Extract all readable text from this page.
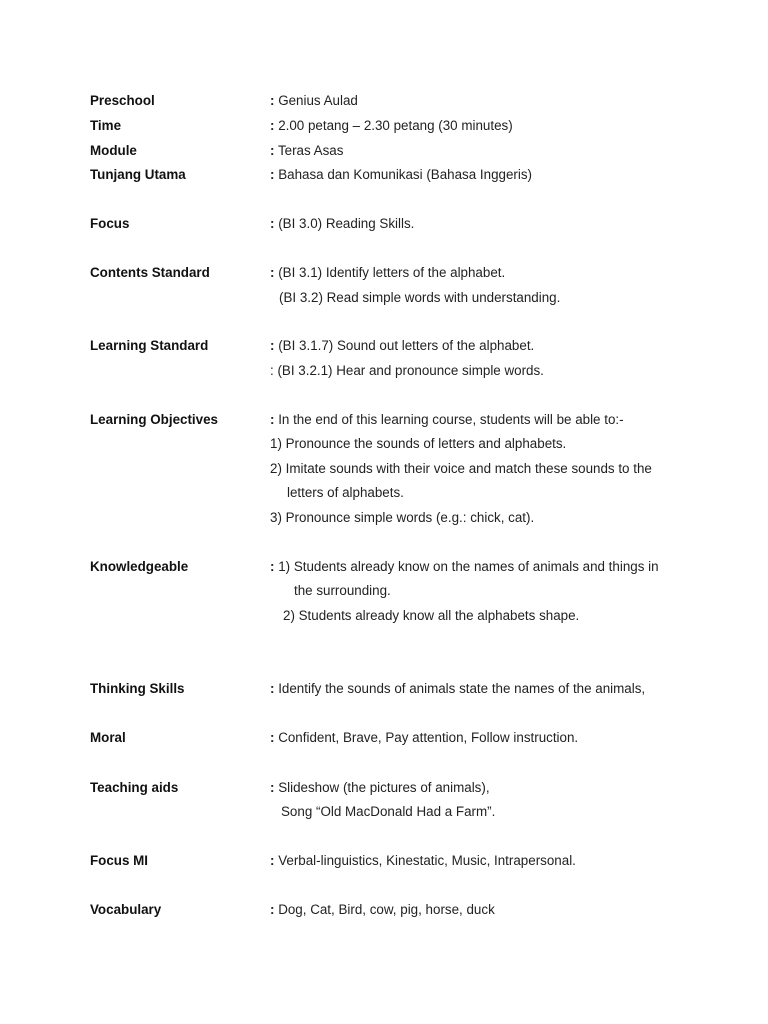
Preschool	: Genius Aulad
Time	: 2.00 petang – 2.30 petang (30 minutes)
Module	: Teras Asas
Tunjang Utama	: Bahasa dan Komunikasi (Bahasa Inggeris)
Focus	: (BI 3.0) Reading Skills.
Contents Standard	: (BI 3.1) Identify letters of the alphabet.
(BI 3.2) Read simple words with understanding.
Learning Standard	: (BI 3.1.7) Sound out letters of the alphabet.
: (BI 3.2.1) Hear and pronounce simple words.
Learning Objectives	: In the end of this learning course, students will be able to:-
1) Pronounce the sounds of letters and alphabets.
2) Imitate sounds with their voice and match these sounds to the
letters of alphabets.
3) Pronounce simple words (e.g.: chick, cat).
Knowledgeable	: 1) Students already know on the names of animals and things in
the surrounding.
2) Students already know all the alphabets shape.
Thinking Skills	: Identify the sounds of animals state the names of the animals,
Moral	: Confident, Brave, Pay attention, Follow instruction.
Teaching aids	: Slideshow (the pictures of animals),
Song “Old MacDonald Had a Farm”.
Focus MI	: Verbal-linguistics, Kinestatic, Music, Intrapersonal.
Vocabulary	: Dog, Cat, Bird, cow, pig, horse, duck
